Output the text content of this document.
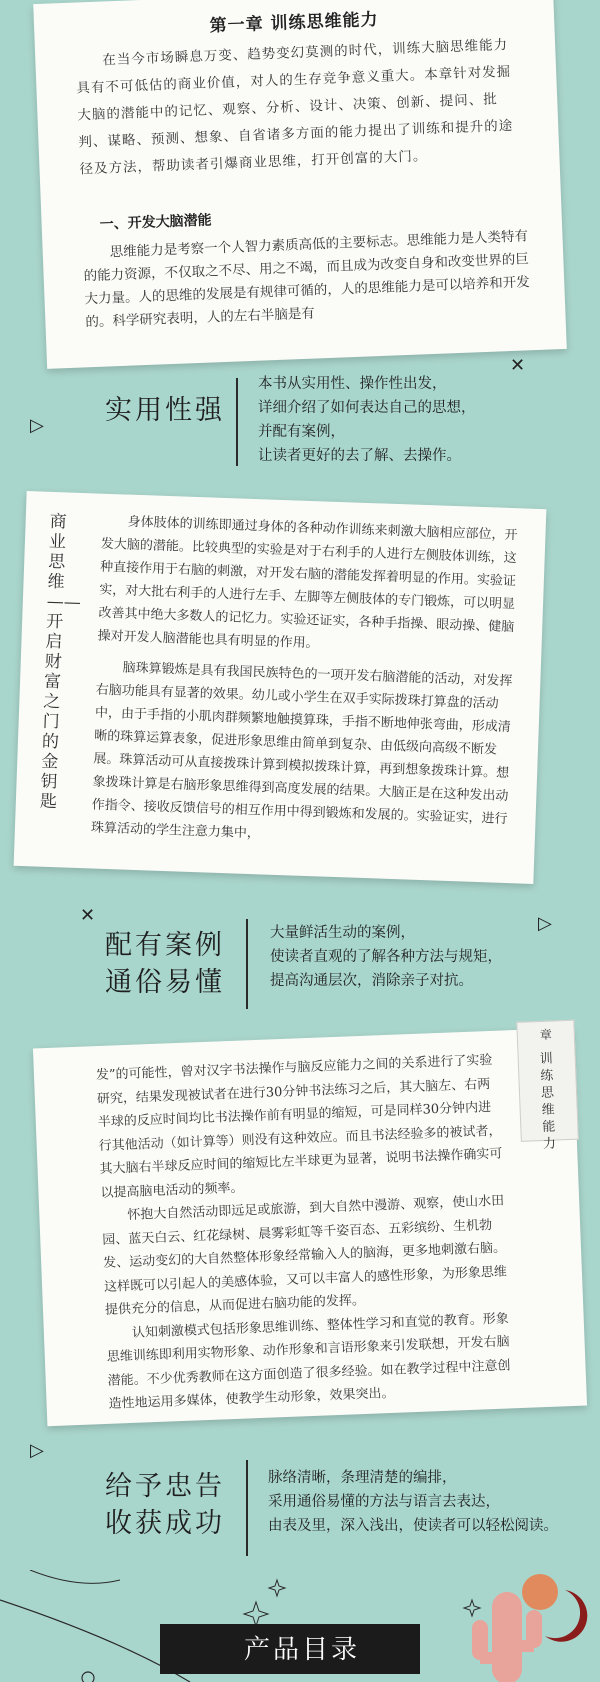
第一章 训练思维能力

在当今市场瞬息万变、趋势变幻莫测的时代，训练大脑思维能力具有不可低估的商业价值，对人的生存竞争意义重大。本章针对发掘大脑的潜能中的记忆、观察、分析、设计、决策、创新、提问、批判、谋略、预测、想象、自省诸多方面的能力提出了训练和提升的途径及方法，帮助读者引爆商业思维，打开创富的大门。

一、开发大脑潜能

思维能力是考察一个人智力素质高低的主要标志。思维能力是人类特有的能力资源，不仅取之不尽、用之不竭，而且成为改变自身和改变世界的巨大力量。人的思维的发展是有规律可循的，人的思维能力是可以培养和开发的。科学研究表明，人的左右半脑是有

✕
▷ 实用性强
本书从实用性、操作性出发，
详细介绍了如何表达自己的思想，
并配有案例，
让读者更好的去了解、去操作。
商业思维——开启财富之门的金钥匙

身体肢体的训练即通过身体的各种动作训练来刺激大脑相应部位，开发大脑的潜能。比较典型的实验是对于右利手的人进行左侧肢体训练，这种直接作用于右脑的刺激，对开发右脑的潜能发挥着明显的作用。实验证实，对大批右利手的人进行左手、左脚等左侧肢体的专门锻炼，可以明显改善其中绝大多数人的记忆力。实验还证实，各种手指操、眼动操、健脑操对开发人脑潜能也具有明显的作用。

脑珠算锻炼是具有我国民族特色的一项开发右脑潜能的活动，对发挥右脑功能具有显著的效果。幼儿或小学生在双手实际拨珠打算盘的活动中，由于手指的小肌肉群频繁地触摸算珠，手指不断地伸张弯曲，形成清晰的珠算运算表象，促进形象思维由简单到复杂、由低级向高级不断发展。珠算活动可从直接拨珠计算到模拟拨珠计算，再到想象拨珠计算。想象拨珠计算是右脑形象思维得到高度发展的结果。大脑正是在这种发出动作指令、接收反馈信号的相互作用中得到锻炼和发展的。实验证实，进行珠算活动的学生注意力集中，

✕	▷
配有案例
通俗易懂
大量鲜活生动的案例，
使读者直观的了解各种方法与规矩，
提高沟通层次，消除亲子对抗。
章
训练思维能力

发”的可能性，曾对汉字书法操作与脑反应能力之间的关系进行了实验研究，结果发现被试者在进行30分钟书法练习之后，其大脑左、右两半球的反应时间均比书法操作前有明显的缩短，可是同样30分钟内进行其他活动（如计算等）则没有这种效应。而且书法经验多的被试者，其大脑右半球反应时间的缩短比左半球更为显著，说明书法操作确实可以提高脑电活动的频率。

怀抱大自然活动即远足或旅游，到大自然中漫游、观察，使山水田园、蓝天白云、红花绿树、晨雾彩虹等千姿百态、五彩缤纷、生机勃发、运动变幻的大自然整体形象经常输入人的脑海，更多地刺激右脑。这样既可以引起人的美感体验，又可以丰富人的感性形象，为形象思维提供充分的信息，从而促进右脑功能的发挥。

认知刺激模式包括形象思维训练、整体性学习和直觉的教育。形象思维训练即利用实物形象、动作形象和言语形象来引发联想，开发右脑潜能。不少优秀教师在这方面创造了很多经验。如在教学过程中注意创造性地运用多媒体，使教学生动形象，效果突出。

▷
给予忠告
收获成功
脉络清晰，条理清楚的编排，
采用通俗易懂的方法与语言去表达，
由表及里，深入浅出，使读者可以轻松阅读。
产品目录
